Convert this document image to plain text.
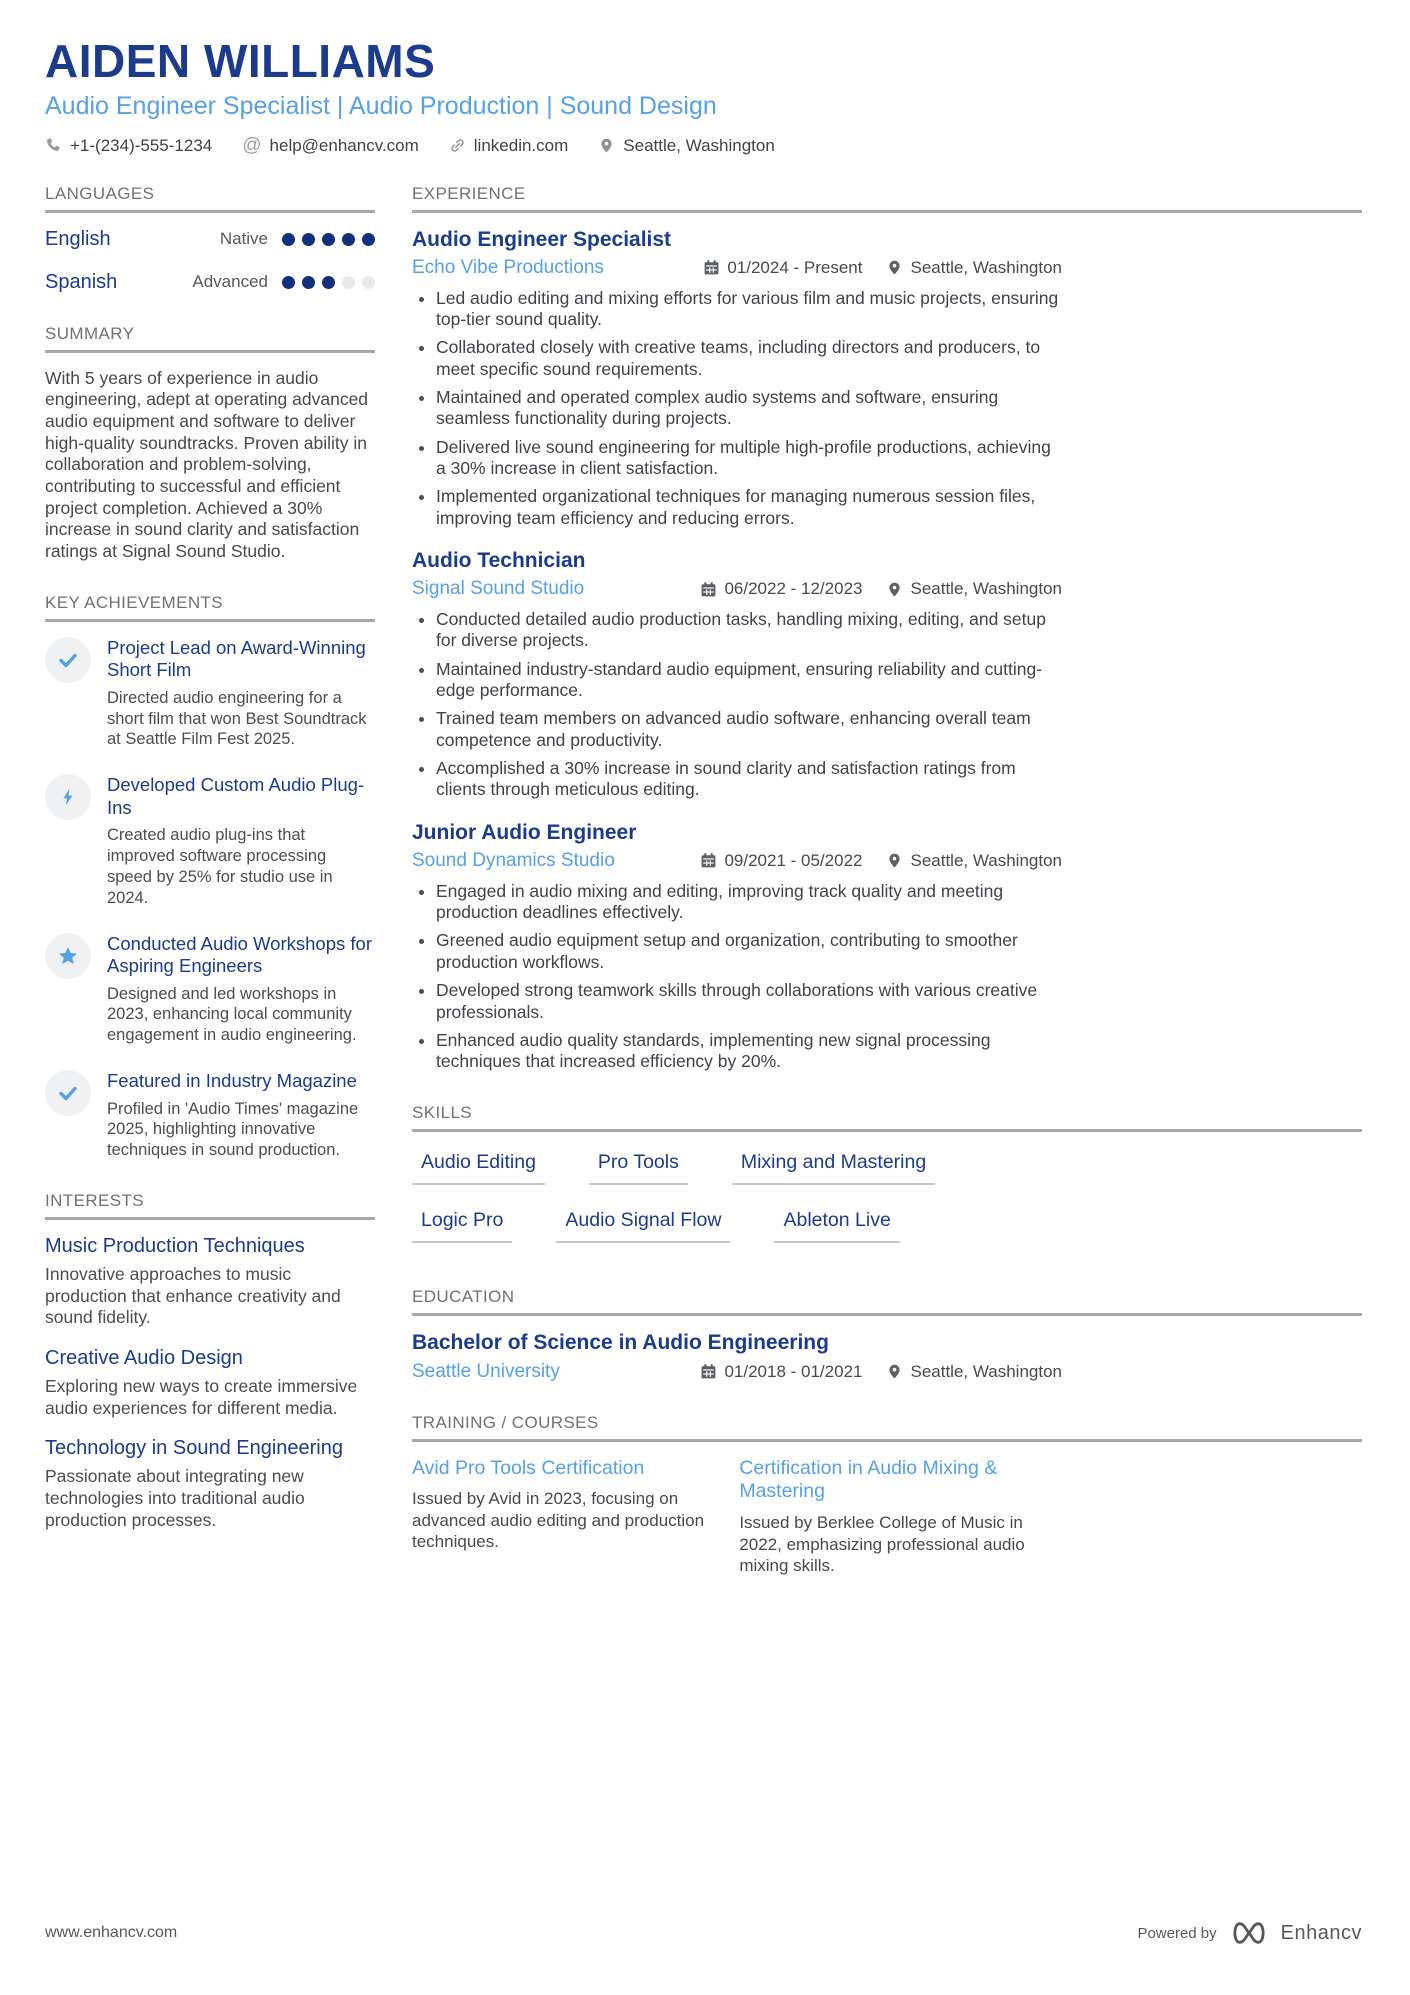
AIDEN WILLIAMS
Audio Engineer Specialist | Audio Production | Sound Design
+1-(234)-555-1234 @ help@enhancv.com	linkedin.com	Seattle, Washington
LANGUAGES
English	Native
Spanish	Advanced
SUMMARY
With 5 years of experience in audio engineering, adept at operating advanced audio equipment and software to deliver high-quality soundtracks. Proven ability in collaboration and problem-solving, contributing to successful and efficient project completion. Achieved a 30% increase in sound clarity and satisfaction ratings at Signal Sound Studio.
KEY ACHIEVEMENTS
Project Lead on Award-Winning Short Film
Directed audio engineering for a short film that won Best Soundtrack at Seattle Film Fest 2025.
Developed Custom Audio Plug-Ins
Created audio plug-ins that improved software processing speed by 25% for studio use in 2024.
Conducted Audio Workshops for Aspiring Engineers
Designed and led workshops in 2023, enhancing local community engagement in audio engineering.
Featured in Industry Magazine
Profiled in 'Audio Times' magazine 2025, highlighting innovative techniques in sound production.
INTERESTS
Music Production Techniques
Innovative approaches to music production that enhance creativity and sound fidelity.
Creative Audio Design
Exploring new ways to create immersive audio experiences for different media.
Technology in Sound Engineering
Passionate about integrating new technologies into traditional audio production processes.
EXPERIENCE
Audio Engineer Specialist
Echo Vibe Productions	01/2024 - Present	Seattle, Washington
• Led audio editing and mixing efforts for various film and music projects, ensuring top-tier sound quality.
• Collaborated closely with creative teams, including directors and producers, to meet specific sound requirements.
• Maintained and operated complex audio systems and software, ensuring seamless functionality during projects.
• Delivered live sound engineering for multiple high-profile productions, achieving a 30% increase in client satisfaction.
• Implemented organizational techniques for managing numerous session files, improving team efficiency and reducing errors.
Audio Technician
Signal Sound Studio	06/2022 - 12/2023	Seattle, Washington
• Conducted detailed audio production tasks, handling mixing, editing, and setup for diverse projects.
• Maintained industry-standard audio equipment, ensuring reliability and cutting-edge performance.
• Trained team members on advanced audio software, enhancing overall team competence and productivity.
• Accomplished a 30% increase in sound clarity and satisfaction ratings from clients through meticulous editing.
Junior Audio Engineer
Sound Dynamics Studio	09/2021 - 05/2022	Seattle, Washington
• Engaged in audio mixing and editing, improving track quality and meeting production deadlines effectively.
• Greened audio equipment setup and organization, contributing to smoother production workflows.
• Developed strong teamwork skills through collaborations with various creative professionals.
• Enhanced audio quality standards, implementing new signal processing techniques that increased efficiency by 20%.
SKILLS
Audio Editing	Pro Tools	Mixing and Mastering
Logic Pro	Audio Signal Flow	Ableton Live
EDUCATION
Bachelor of Science in Audio Engineering
Seattle University	01/2018 - 01/2021	Seattle, Washington
TRAINING / COURSES
Avid Pro Tools Certification
Issued by Avid in 2023, focusing on advanced audio editing and production techniques.
Certification in Audio Mixing & Mastering
Issued by Berklee College of Music in 2022, emphasizing professional audio mixing skills.
www.enhancv.com	Powered by	Enhancv
